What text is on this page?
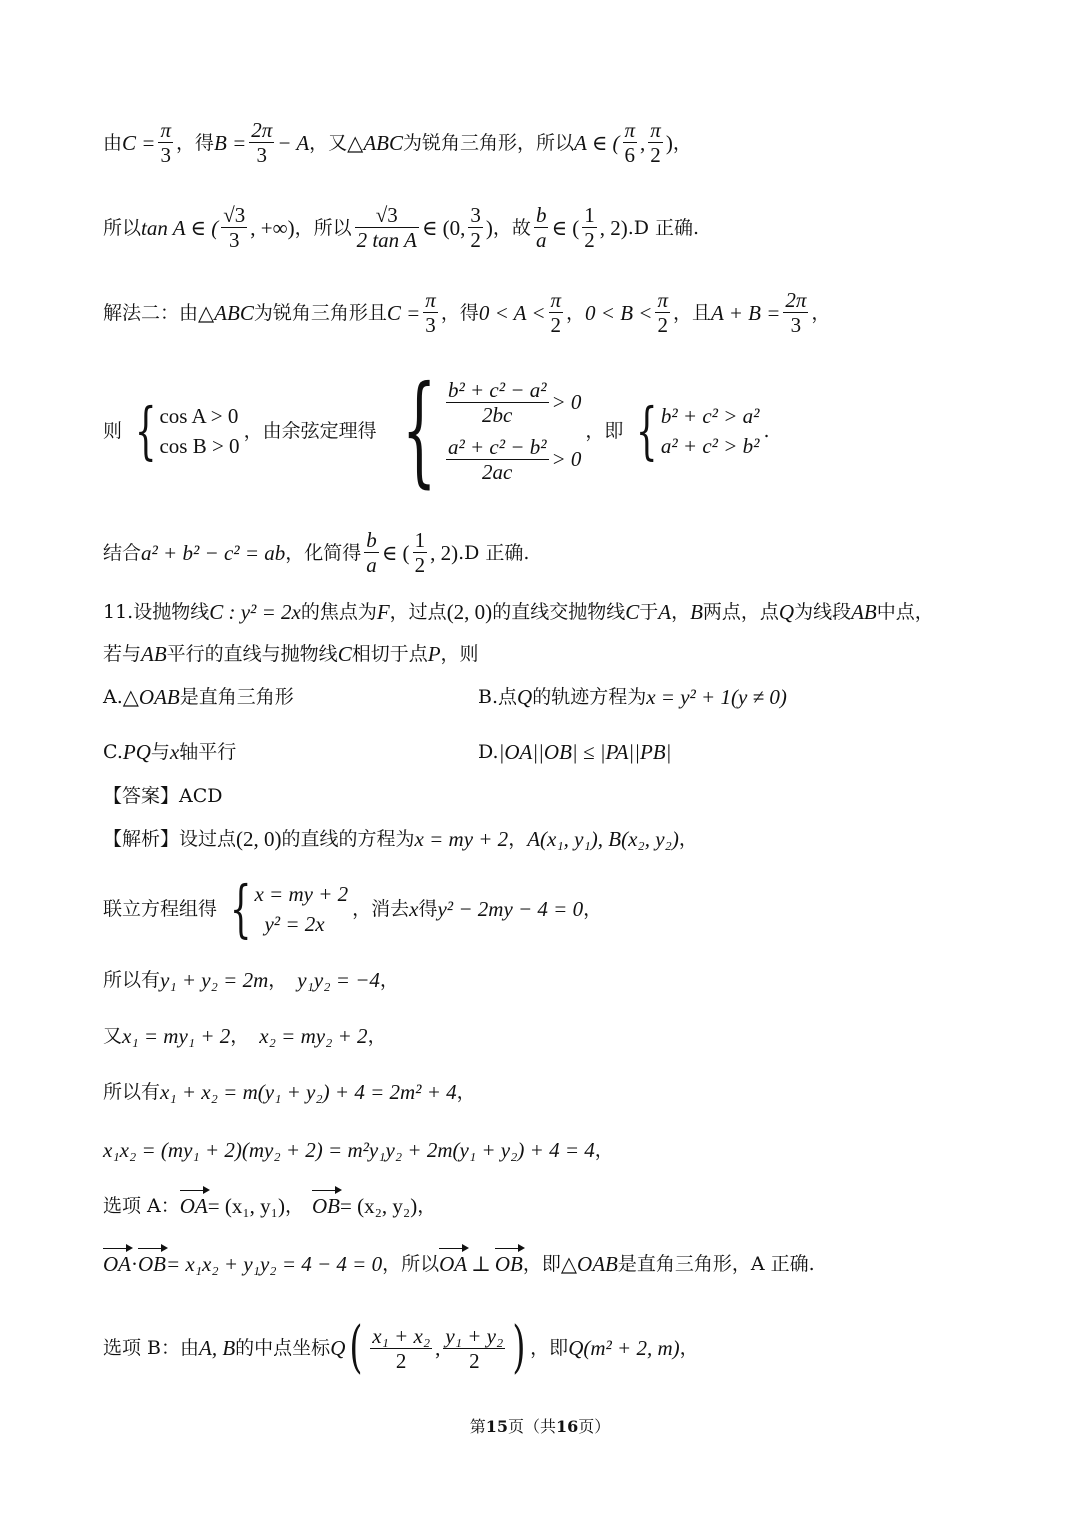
由 $C = \frac{\pi}{3}$ ，得 $B = \frac{2\pi}{3} - A$ ，又 △ABC 为锐角三角形，所以 A ∈ ( $\frac{\pi}{6}$ , $\frac{\pi}{2}$ ) ，
所以 tan A ∈ ( $\frac{√3}{3}$ , +∞) ，所以 $\frac{√3}{\text{2 tan A}}$ ∈ (0, $\frac{3}{2}$ ) ，故 $\frac{b}{a}$ ∈ ( $\frac{1}{2}$ , 2) .D 正确.
解法二：由 △ABC 为锐角三角形且 $C = \frac{\pi}{3}$ ，得 $0 < A < \frac{\pi}{2}$ ， $0 < B < \frac{\pi}{2}$ ，且 $A + B = \frac{2\pi}{3}$ ，
则 { cos A > 0
cos B > 0
，由余弦定理得 { $\frac{\text{b² + c² − a²}}{2bc} > 0$
$\frac{\text{a² + c² − b²}}{2ac} > 0$
，即 { b² + c² > a²
a² + c² > b²
.
结合 a² + b² − c² = ab ，化简得 $\frac{b}{a}$ ∈ ( $\frac{1}{2}$ , 2) .D 正确.
11.设抛物线 C : y² = 2x 的焦点为 F ，过点 (2, 0) 的直线交抛物线 C 于 A ， B 两点，点 Q 为线段 AB 中点，
若与 AB 平行的直线与抛物线 C 相切于点 P ，则
A. △OAB 是直角三角形	B.点 Q 的轨迹方程为 x = y² + 1(y ≠ 0)
C. PQ 与 x 轴平行	D. |OA||OB| ≤ |PA||PB|
【答案】ACD
【解析】设过点 (2, 0) 的直线的方程为 x = my + 2 ， A(x₁, y₁), B(x₂, y₂) ，
联立方程组得 { x = my + 2
y² = 2x
，消去 x 得 y² − 2my − 4 = 0 ，
所以有 y₁ + y₂ = 2m ， y₁y₂ = −4 ，
又 x₁ = my₁ + 2 ， x₂ = my₂ + 2 ，
所以有 x₁ + x₂ = m(y₁ + y₂) + 4 = 2m² + 4 ，
x₁x₂ = (my₁ + 2)(my₂ + 2) = m²y₁y₂ + 2m(y₁ + y₂) + 4 = 4 ，
选项 A： OA = (x₁, y₁) ， OB = (x₂, y₂) ，
OA · OB = x₁x₂ + y₁y₂ = 4 − 4 = 0 ，所以 OA ⊥ OB ，即 △OAB 是直角三角形，A 正确.
选项 B：由 A, B 的中点坐标 Q ( $\frac{\text{x₁ + x₂}}{2}$ , $\frac{\text{y₁ + y₂}}{2}$ ) ，即 Q(m² + 2, m) ，
第15页（共16页）
